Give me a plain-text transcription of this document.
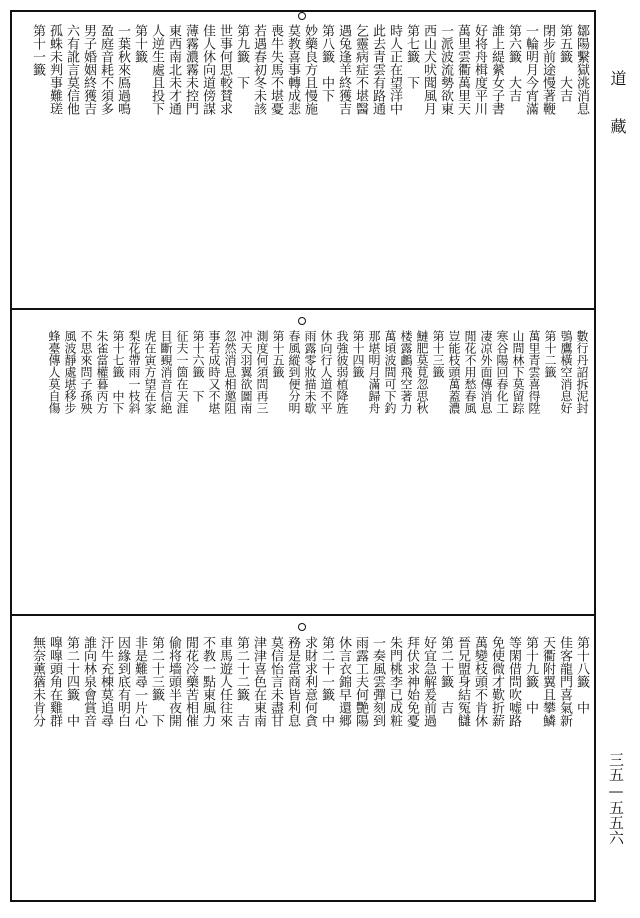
鄒陽繫獄洮消息
第五籤　大吉
閉步前途慢著鞭
一輪明月今宵滿
第六籤　大吉
誰上緹縈女子書
好将舟楫度平川
萬里雲衢萬里天
一派波流勢欲東
西山犬吠聞風月
第七籤　下
時人正在望洋中
此去青雲有路通
乞靈病症不堪醫
遇兔逢羊終獲吉
第八籤　中下
妙藥良方且慢施
莫教喜事轉成悲
喪牛失馬不堪憂
若遇春初冬未該
第九籤　下
世事何思較賛求
佳人休向道傍謀
薄霧濃霧未控門
東西南北未才通
人逆生處且投下
第十籤
一葉秋來鳫過鳴
盈庭音耗不須多
男子婚姻終獲吉
六有訛言莫信他
孤蛛未判事難瑳
第十一籤
數行丹詔拆泥封
鴞鷹橫空消息好
第十二籤
萬里青雲喜得陞
山間林下莫留踪
寒谷陽回春化工
凄凉外面傳消息
閒花不用愁春風
豈能枝頭萬蓋濃
第十三籤
鰱肥莫莧忽思秋
楼露鸕飛空著力
萬頃波間可下釣
那堪明月滿歸舟
第十四籤
我強彼弱植降旌
休向行人道不平
雨露零妝描未歇
春風縱到便分明
第十五籤
測度何須問再三
冲天羽翼欲圖南
忽然消息相邀阻
事若成時又不堪
第十六籤　下
征夫一箇在天涯
目斷覡消音信絶
虎在寅方望在家
梨花帶雨一枝斜
第十七籤　中下
朱雀當權暮丙方
不思來問子孫殃
風波靜處堪移步
蜂臺傳人莫自傷
第十八籤　中
佳客龍門喜氣新
天衢附翼且攀鱗
第十九籤　中
等閑借問吹嘘路
免使微才歎折薪
萬變枝頭不肯休
晉兄盟身結冤讎
第二十籤　吉
好宜急解爰前過
拜伏求神始免憂
朱門桃李已成粧
一奏風雲彈刻到
雨露工夫何艷陽
休言衣錦早還郷
第二十一籤　中
求財求利意何貪
務是當商皆利息
莫信怡言未盡甘
津津喜色在東南
第二十二籤　吉
車馬遊人任往來
不教一點東風力
閒花冷藥苦相催
偷将墻頭半夜開
第二十三籤　下
非是難尋一片心
因緣到底有明白
汗牛充棟莫追尋
誰向林泉會賞音
第二十四籤　中
嘷嘷頭角在雞群
無奈薰蕕未肯分
道　　藏
三五—五五六
